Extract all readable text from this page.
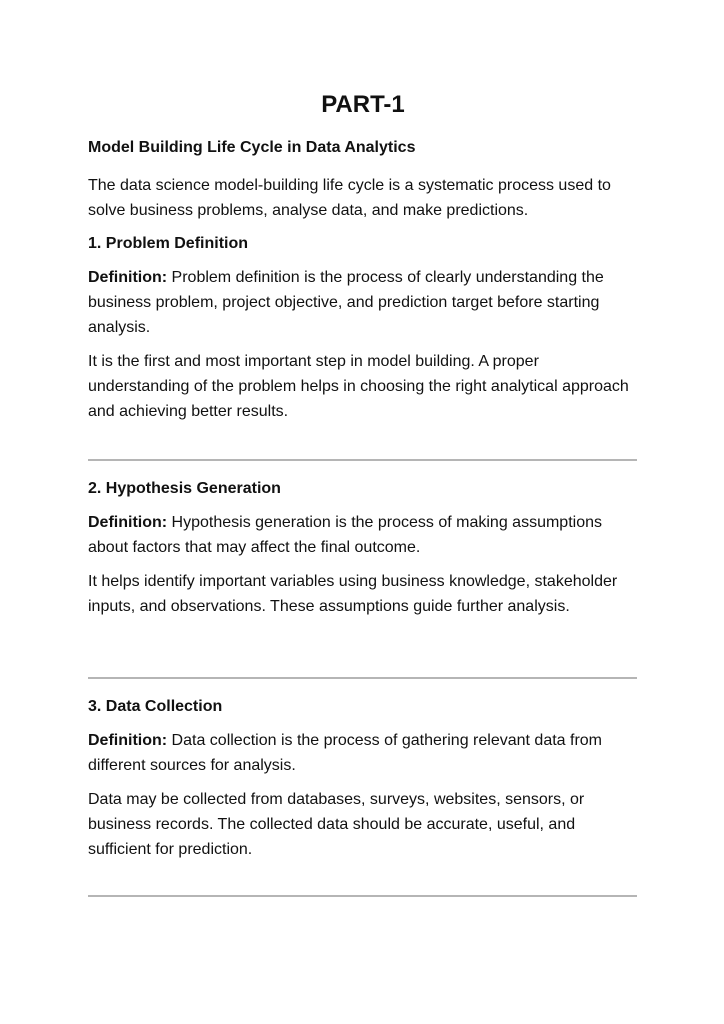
PART-1
Model Building Life Cycle in Data Analytics

The data science model-building life cycle is a systematic process used to solve business problems, analyse data, and make predictions.

1. Problem Definition

Definition: Problem definition is the process of clearly understanding the business problem, project objective, and prediction target before starting analysis.

It is the first and most important step in model building. A proper understanding of the problem helps in choosing the right analytical approach and achieving better results.

2. Hypothesis Generation

Definition: Hypothesis generation is the process of making assumptions about factors that may affect the final outcome.

It helps identify important variables using business knowledge, stakeholder inputs, and observations. These assumptions guide further analysis.

3. Data Collection

Definition: Data collection is the process of gathering relevant data from different sources for analysis.

Data may be collected from databases, surveys, websites, sensors, or business records. The collected data should be accurate, useful, and sufficient for prediction.
